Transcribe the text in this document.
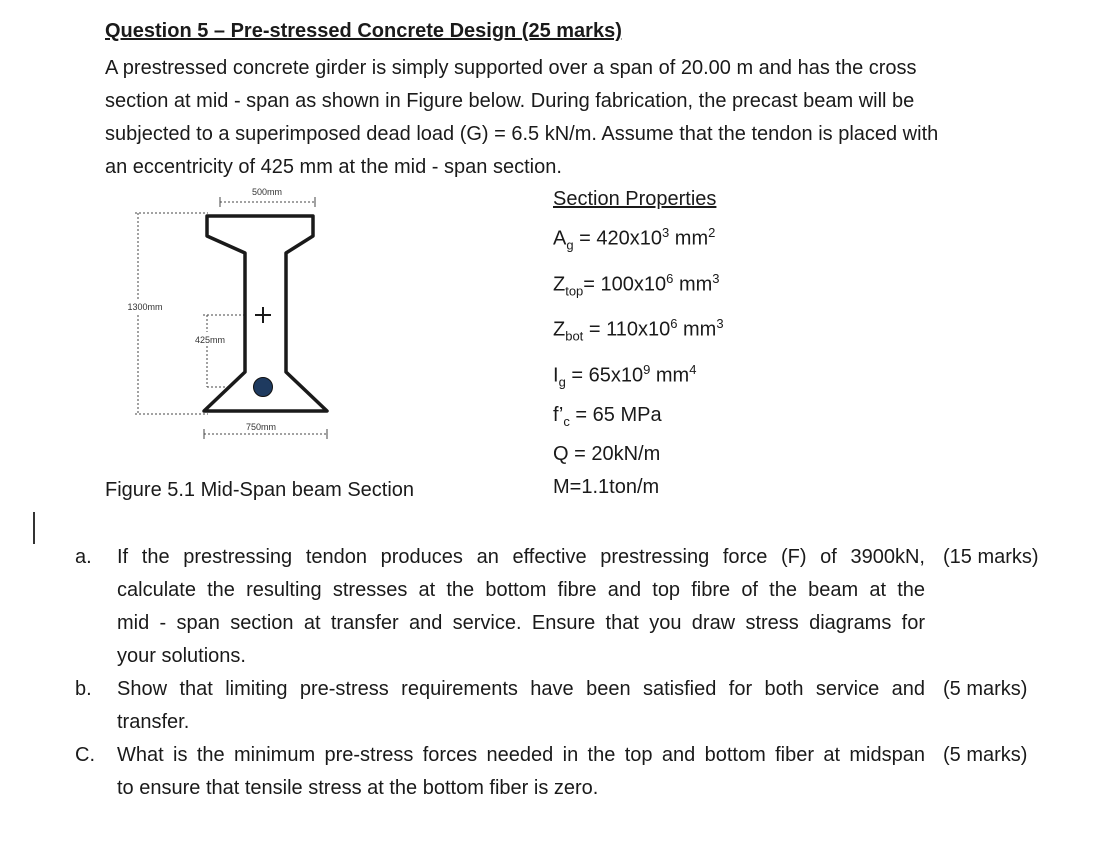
Question 5 – Pre-stressed Concrete Design (25 marks)
A prestressed concrete girder is simply supported over a span of 20.00 m and has the cross
section at mid - span as shown in Figure below. During fabrication, the precast beam will be
subjected to a superimposed dead load (G) = 6.5 kN/m. Assume that the tendon is placed with
an eccentricity of 425 mm at the mid - span section.
500mm
1300mm
425mm
750mm
Section Properties
$A_g = 420x10^3$ $mm^2$
$Z_{top}= 100x10^6$ $mm^3$
$Z_{bot} = 110x10^6$ $mm^3$
$I_g = 65x10^9$ $mm^4$
$f’_c = 65$ MPa
Q = 20kN/m
M=1.1ton/m
Figure 5.1 Mid-Span beam Section
a. If the prestressing tendon produces an effective prestressing force (F) of 3900kN,
calculate the resulting stresses at the bottom fibre and top fibre of the beam at the
mid - span section at transfer and service. Ensure that you draw stress diagrams for
your solutions.
(15 marks)
b. Show that limiting pre-stress requirements have been satisfied for both service and
transfer.
(5 marks)
C. What is the minimum pre-stress forces needed in the top and bottom fiber at midspan
to ensure that tensile stress at the bottom fiber is zero.
(5 marks)
